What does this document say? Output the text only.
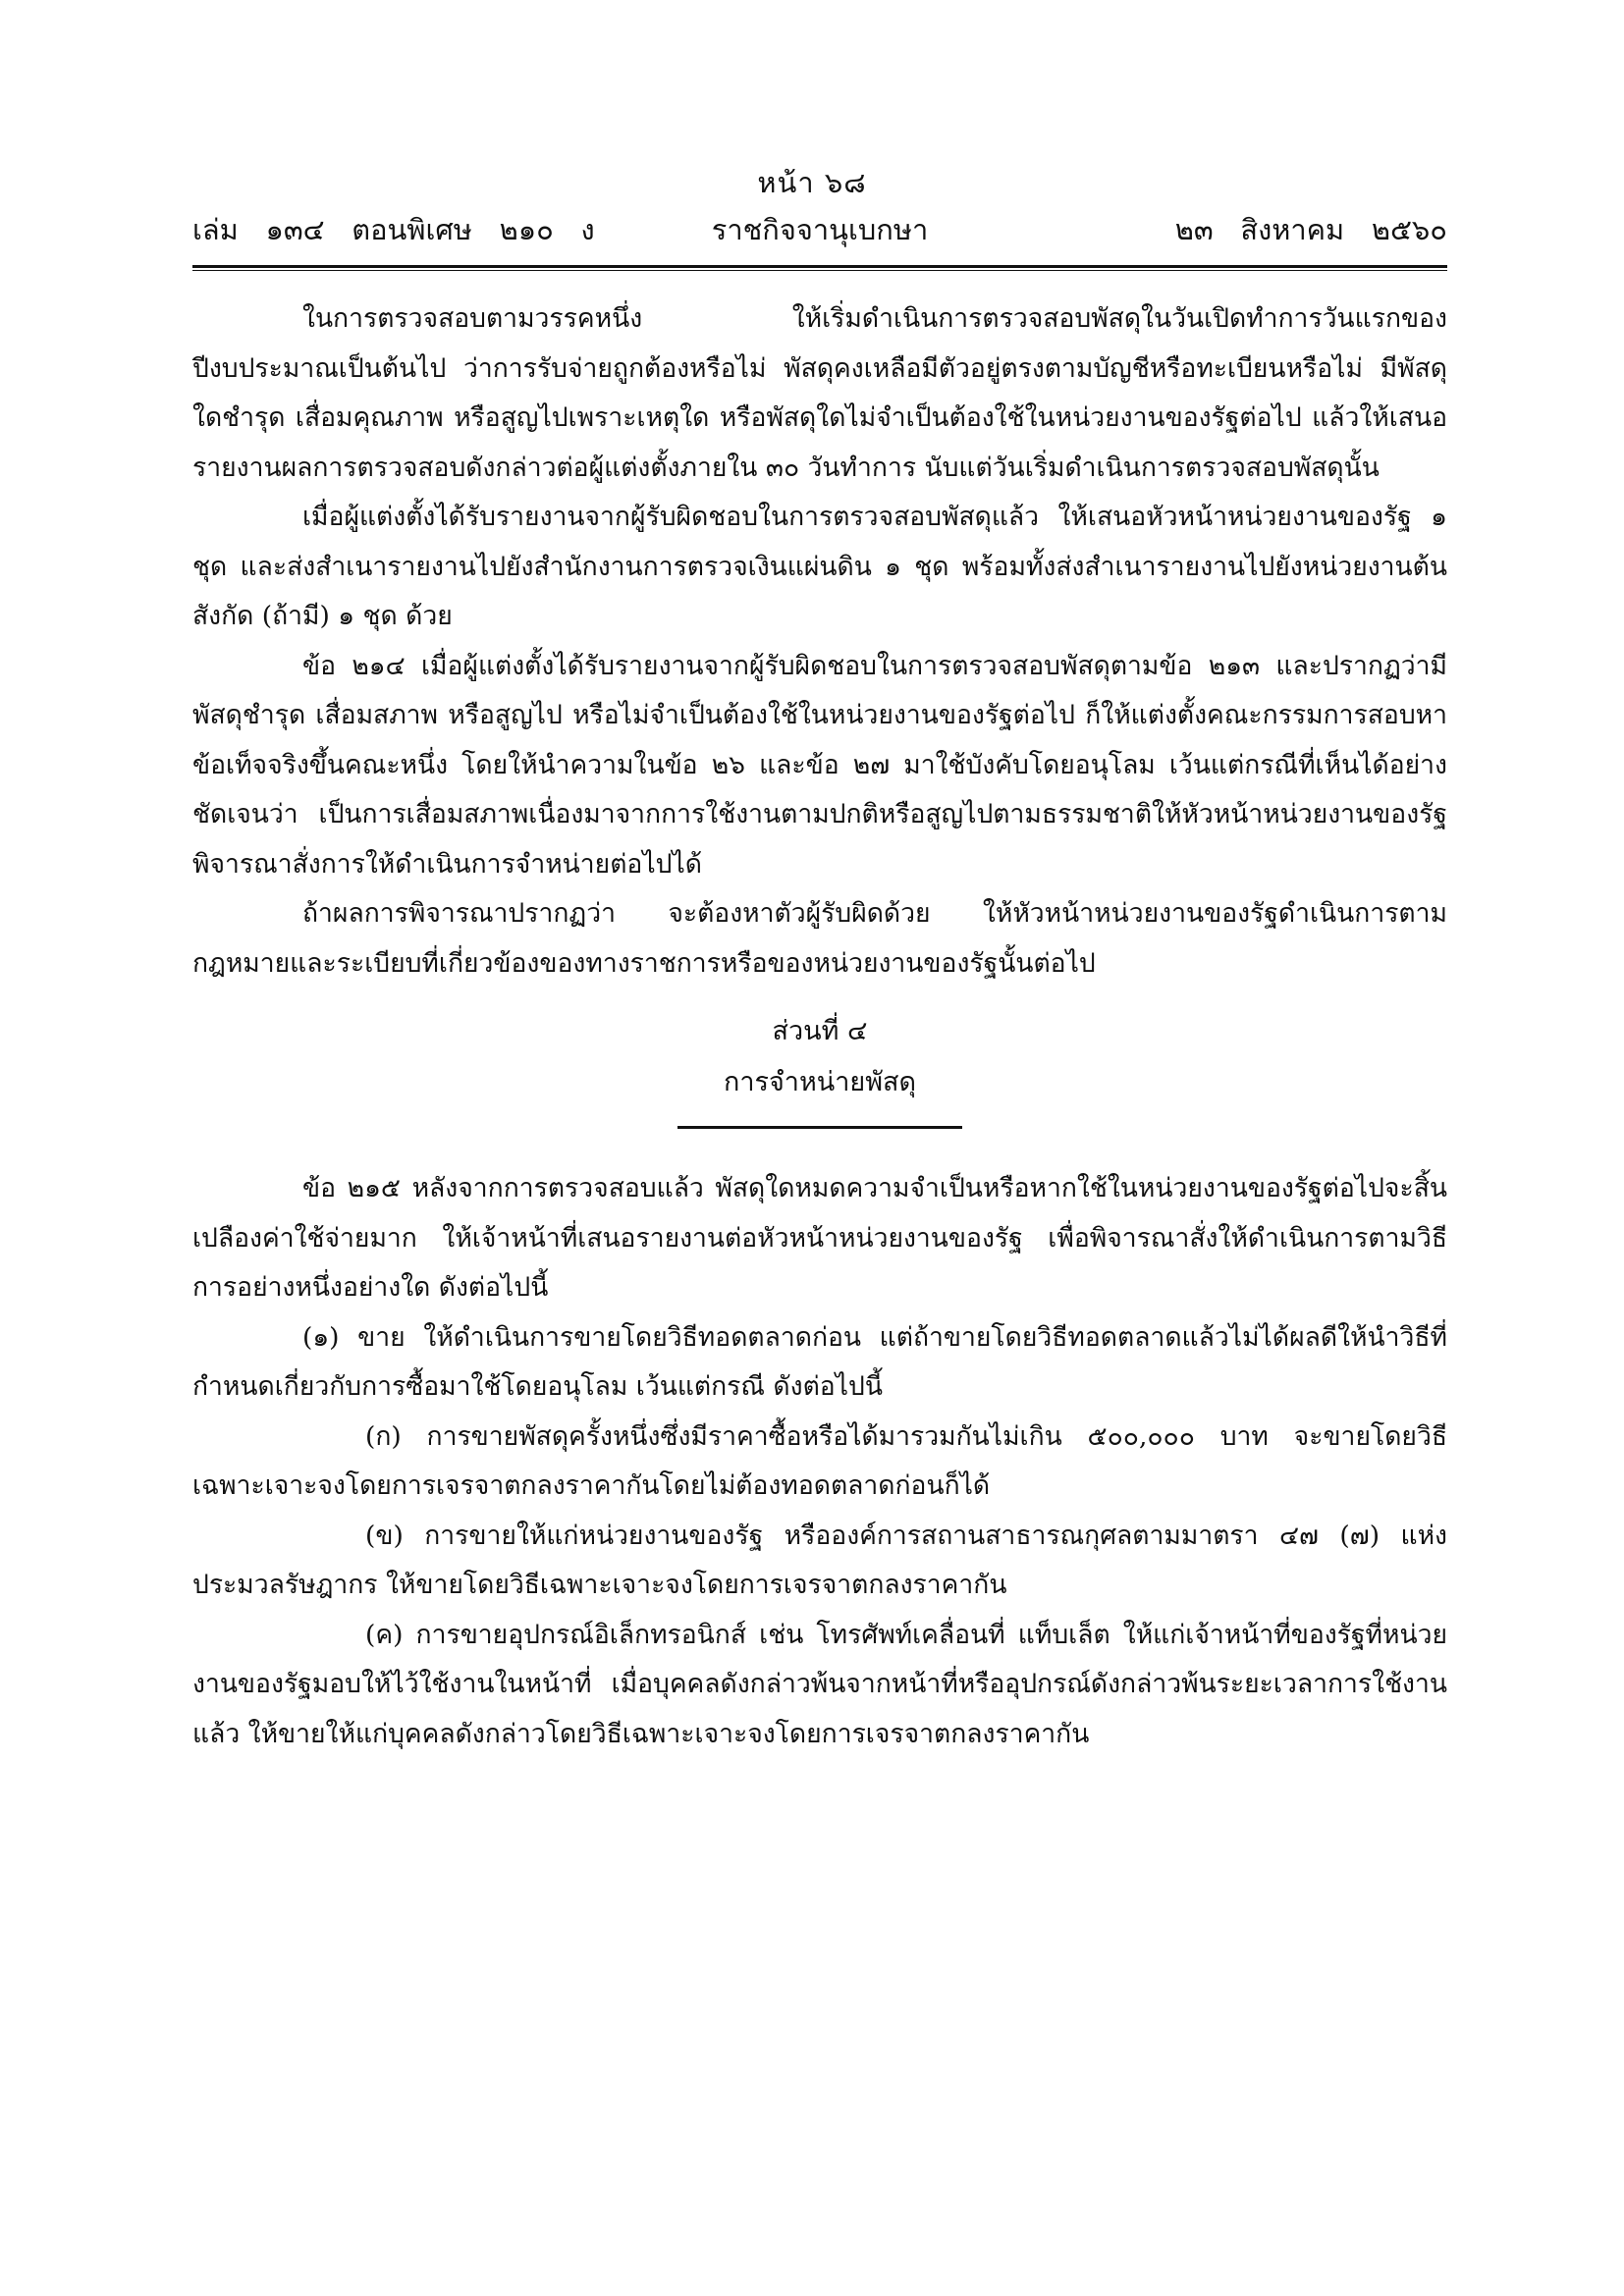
หน้า ๖๘
ราชกิจจานุเบกษา
เล่ม   ๑๓๔   ตอนพิเศษ   ๒๑๐   ง	๒๓   สิงหาคม   ๒๕๖๐

ในการตรวจสอบตามวรรคหนึ่ง ให้เริ่มดำเนินการตรวจสอบพัสดุในวันเปิดทำการวันแรกของปีงบประมาณเป็นต้นไป ว่าการรับจ่ายถูกต้องหรือไม่ พัสดุคงเหลือมีตัวอยู่ตรงตามบัญชีหรือทะเบียนหรือไม่ มีพัสดุใดชำรุด เสื่อมคุณภาพ หรือสูญไปเพราะเหตุใด หรือพัสดุใดไม่จำเป็นต้องใช้ในหน่วยงานของรัฐต่อไป แล้วให้เสนอรายงานผลการตรวจสอบดังกล่าวต่อผู้แต่งตั้งภายใน ๓๐ วันทำการ นับแต่วันเริ่มดำเนินการตรวจสอบพัสดุนั้น

เมื่อผู้แต่งตั้งได้รับรายงานจากผู้รับผิดชอบในการตรวจสอบพัสดุแล้ว ให้เสนอหัวหน้าหน่วยงานของรัฐ ๑ ชุด และส่งสำเนารายงานไปยังสำนักงานการตรวจเงินแผ่นดิน ๑ ชุด พร้อมทั้งส่งสำเนารายงานไปยังหน่วยงานต้นสังกัด (ถ้ามี) ๑ ชุด ด้วย

ข้อ ๒๑๔ เมื่อผู้แต่งตั้งได้รับรายงานจากผู้รับผิดชอบในการตรวจสอบพัสดุตามข้อ ๒๑๓ และปรากฏว่ามีพัสดุชำรุด เสื่อมสภาพ หรือสูญไป หรือไม่จำเป็นต้องใช้ในหน่วยงานของรัฐต่อไป ก็ให้แต่งตั้งคณะกรรมการสอบหาข้อเท็จจริงขึ้นคณะหนึ่ง โดยให้นำความในข้อ ๒๖ และข้อ ๒๗ มาใช้บังคับโดยอนุโลม เว้นแต่กรณีที่เห็นได้อย่างชัดเจนว่า เป็นการเสื่อมสภาพเนื่องมาจากการใช้งานตามปกติหรือสูญไปตามธรรมชาติให้หัวหน้าหน่วยงานของรัฐพิจารณาสั่งการให้ดำเนินการจำหน่ายต่อไปได้

ถ้าผลการพิจารณาปรากฏว่า จะต้องหาตัวผู้รับผิดด้วย ให้หัวหน้าหน่วยงานของรัฐดำเนินการตามกฎหมายและระเบียบที่เกี่ยวข้องของทางราชการหรือของหน่วยงานของรัฐนั้นต่อไป

ส่วนที่ ๔

การจำหน่ายพัสดุ

ข้อ ๒๑๕ หลังจากการตรวจสอบแล้ว พัสดุใดหมดความจำเป็นหรือหากใช้ในหน่วยงานของรัฐต่อไปจะสิ้นเปลืองค่าใช้จ่ายมาก ให้เจ้าหน้าที่เสนอรายงานต่อหัวหน้าหน่วยงานของรัฐ เพื่อพิจารณาสั่งให้ดำเนินการตามวิธีการอย่างหนึ่งอย่างใด ดังต่อไปนี้

(๑) ขาย ให้ดำเนินการขายโดยวิธีทอดตลาดก่อน แต่ถ้าขายโดยวิธีทอดตลาดแล้วไม่ได้ผลดีให้นำวิธีที่กำหนดเกี่ยวกับการซื้อมาใช้โดยอนุโลม เว้นแต่กรณี ดังต่อไปนี้

(ก) การขายพัสดุครั้งหนึ่งซึ่งมีราคาซื้อหรือได้มารวมกันไม่เกิน ๕๐๐,๐๐๐ บาท จะขายโดยวิธีเฉพาะเจาะจงโดยการเจรจาตกลงราคากันโดยไม่ต้องทอดตลาดก่อนก็ได้

(ข) การขายให้แก่หน่วยงานของรัฐ หรือองค์การสถานสาธารณกุศลตามมาตรา ๔๗ (๗) แห่งประมวลรัษฎากร ให้ขายโดยวิธีเฉพาะเจาะจงโดยการเจรจาตกลงราคากัน

(ค) การขายอุปกรณ์อิเล็กทรอนิกส์ เช่น โทรศัพท์เคลื่อนที่ แท็บเล็ต ให้แก่เจ้าหน้าที่ของรัฐที่หน่วยงานของรัฐมอบให้ไว้ใช้งานในหน้าที่ เมื่อบุคคลดังกล่าวพ้นจากหน้าที่หรืออุปกรณ์ดังกล่าวพ้นระยะเวลาการใช้งานแล้ว ให้ขายให้แก่บุคคลดังกล่าวโดยวิธีเฉพาะเจาะจงโดยการเจรจาตกลงราคากัน
